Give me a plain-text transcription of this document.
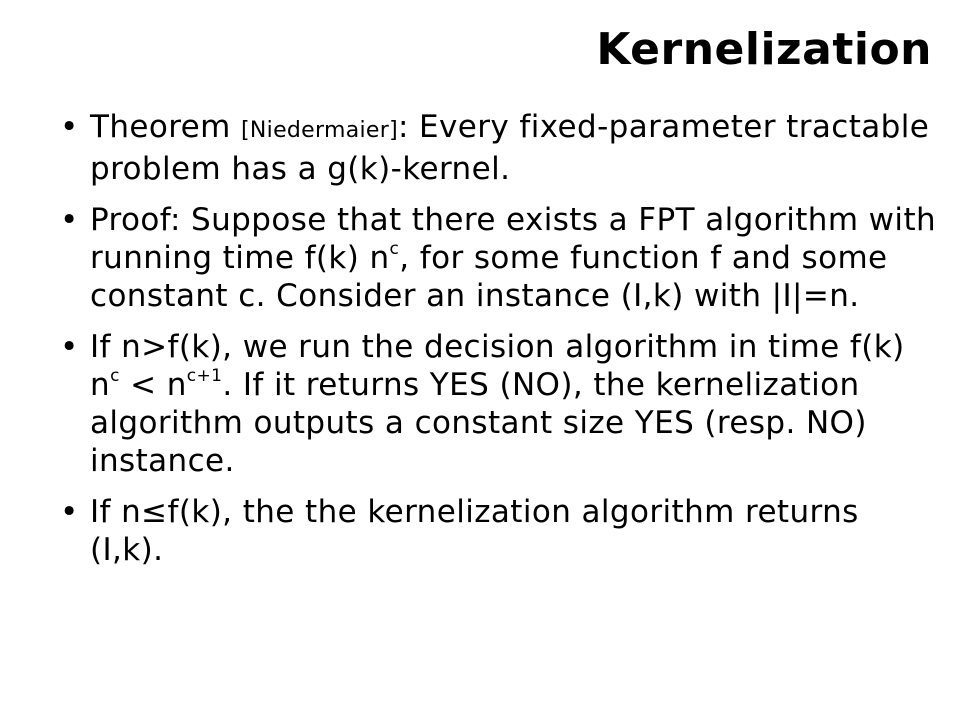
Kernelization
• Theorem [Niedermaier]: Every fixed-parameter tractable problem has a g(k)-kernel.
• Proof: Suppose that there exists a FPT algorithm with running time f(k) $n^c$, for some function f and some constant c. Consider an instance (I,k) with |I|=n.
• If n>f(k), we run the decision algorithm in time f(k) $n^c < n^{c+1}$. If it returns YES (NO), the kernelization algorithm outputs a constant size YES (resp. NO) instance.
• If n≤f(k), the the kernelization algorithm returns (I,k).
